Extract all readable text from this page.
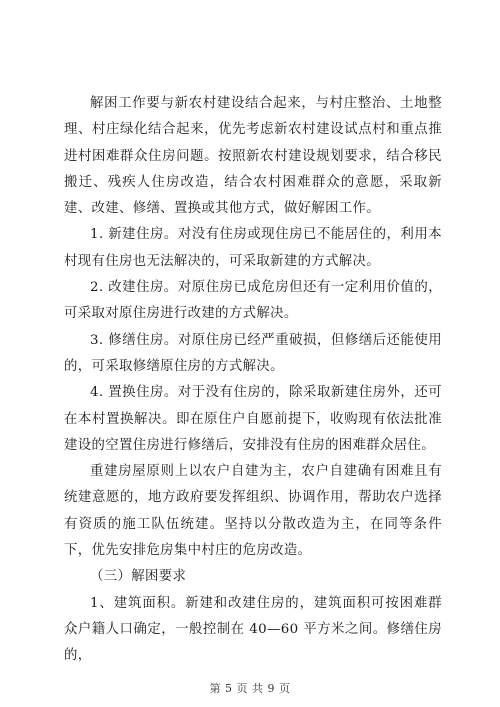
解困工作要与新农村建设结合起来，与村庄整治、土地整理、村庄绿化结合起来，优先考虑新农村建设试点村和重点推进村困难群众住房问题。按照新农村建设规划要求，结合移民搬迁、残疾人住房改造，结合农村困难群众的意愿，采取新建、改建、修缮、置换或其他方式，做好解困工作。

1. 新建住房。对没有住房或现住房已不能居住的，利用本村现有住房也无法解决的，可采取新建的方式解决。

2. 改建住房。对原住房已成危房但还有一定利用价值的，可采取对原住房进行改建的方式解决。

3. 修缮住房。对原住房已经严重破损，但修缮后还能使用的，可采取修缮原住房的方式解决。

4. 置换住房。对于没有住房的，除采取新建住房外，还可在本村置换解决。即在原住户自愿前提下，收购现有依法批准建设的空置住房进行修缮后，安排没有住房的困难群众居住。

重建房屋原则上以农户自建为主，农户自建确有困难且有统建意愿的，地方政府要发挥组织、协调作用，帮助农户选择有资质的施工队伍统建。坚持以分散改造为主，在同等条件下，优先安排危房集中村庄的危房改造。

（三）解困要求

1、建筑面积。新建和改建住房的，建筑面积可按困难群众户籍人口确定，一般控制在 40—60 平方米之间。修缮住房的，

第 5 页 共 9 页
